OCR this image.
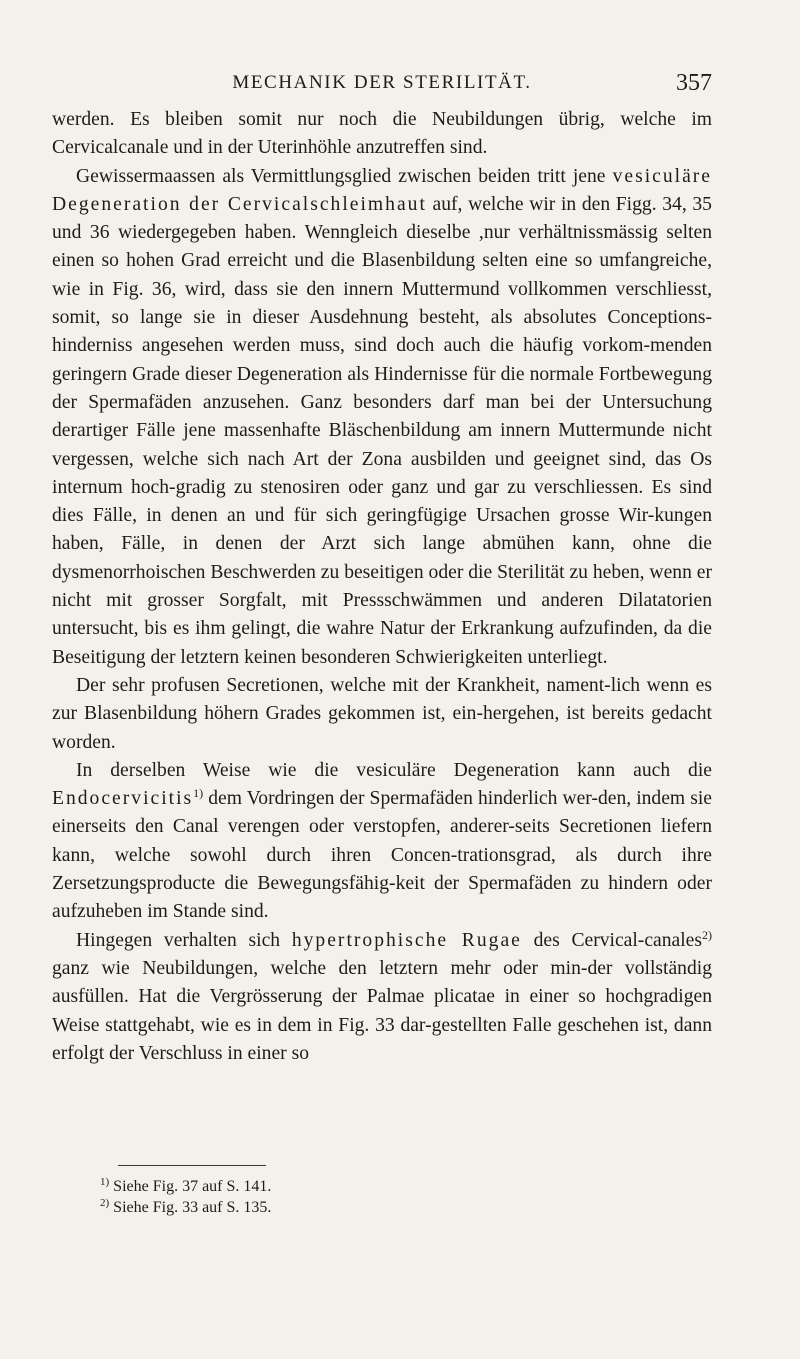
MECHANIK DER STERILITÄT.	357

werden. Es bleiben somit nur noch die Neubildungen übrig, welche im Cervicalcanale und in der Uterinhöhle anzutreffen sind.

Gewissermaassen als Vermittlungsglied zwischen beiden tritt jene vesiculäre Degeneration der Cervicalschleimhaut auf, welche wir in den Figg. 34, 35 und 36 wiedergegeben haben. Wenngleich dieselbe ,nur verhältnissmässig selten einen so hohen Grad erreicht und die Blasenbildung selten eine so umfangreiche, wie in Fig. 36, wird, dass sie den innern Muttermund vollkommen verschliesst, somit, so lange sie in dieser Ausdehnung besteht, als absolutes Conceptions-hinderniss angesehen werden muss, sind doch auch die häufig vorkom-menden geringern Grade dieser Degeneration als Hindernisse für die normale Fortbewegung der Spermafäden anzusehen. Ganz besonders darf man bei der Untersuchung derartiger Fälle jene massenhafte Bläschenbildung am innern Muttermunde nicht vergessen, welche sich nach Art der Zona ausbilden und geeignet sind, das Os internum hoch-gradig zu stenosiren oder ganz und gar zu verschliessen. Es sind dies Fälle, in denen an und für sich geringfügige Ursachen grosse Wir-kungen haben, Fälle, in denen der Arzt sich lange abmühen kann, ohne die dysmenorrhoischen Beschwerden zu beseitigen oder die Sterilität zu heben, wenn er nicht mit grosser Sorgfalt, mit Pressschwämmen und anderen Dilatatorien untersucht, bis es ihm gelingt, die wahre Natur der Erkrankung aufzufinden, da die Beseitigung der letztern keinen besonderen Schwierigkeiten unterliegt.

Der sehr profusen Secretionen, welche mit der Krankheit, nament-lich wenn es zur Blasenbildung höhern Grades gekommen ist, ein-hergehen, ist bereits gedacht worden.

In derselben Weise wie die vesiculäre Degeneration kann auch die Endocervicitis$^{1)}$ dem Vordringen der Spermafäden hinderlich wer-den, indem sie einerseits den Canal verengen oder verstopfen, anderer-seits Secretionen liefern kann, welche sowohl durch ihren Concen-trationsgrad, als durch ihre Zersetzungsproducte die Bewegungsfähig-keit der Spermafäden zu hindern oder aufzuheben im Stande sind.

Hingegen verhalten sich hypertrophische Rugae des Cervical-canales$^{2)}$ ganz wie Neubildungen, welche den letztern mehr oder min-der vollständig ausfüllen. Hat die Vergrösserung der Palmae plicatae in einer so hochgradigen Weise stattgehabt, wie es in dem in Fig. 33 dar-gestellten Falle geschehen ist, dann erfolgt der Verschluss in einer so

$^{1)}$ Siehe Fig. 37 auf S. 141.
$^{2)}$ Siehe Fig. 33 auf S. 135.
